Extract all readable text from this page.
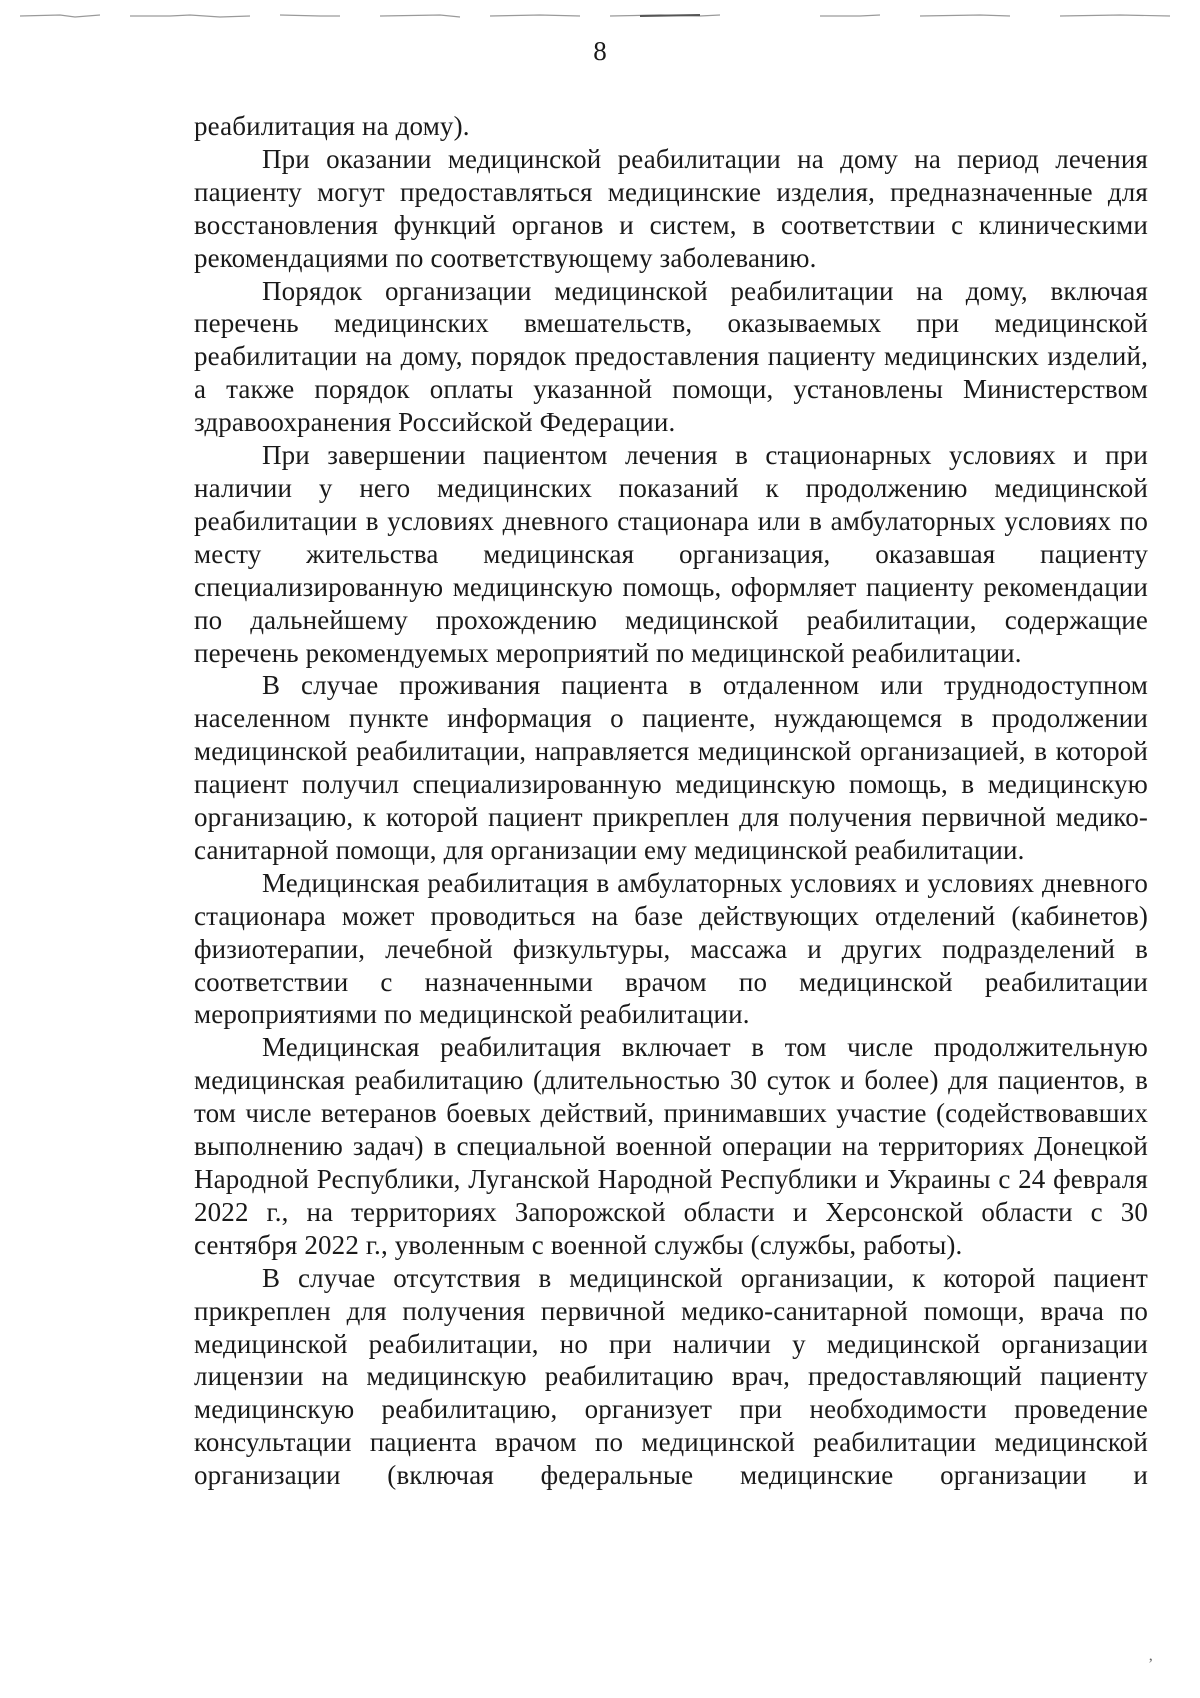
8

реабилитация на дому).

При оказании медицинской реабилитации на дому на период лечения пациенту могут предоставляться медицинские изделия, предназначенные для восстановления функций органов и систем, в соответствии с клиническими рекомендациями по соответствующему заболеванию.

Порядок организации медицинской реабилитации на дому, включая перечень медицинских вмешательств, оказываемых при медицинской реабилитации на дому, порядок предоставления пациенту медицинских изделий, а также порядок оплаты указанной помощи, установлены Министерством здравоохранения Российской Федерации.

При завершении пациентом лечения в стационарных условиях и при наличии у него медицинских показаний к продолжению медицинской реабилитации в условиях дневного стационара или в амбулаторных условиях по месту жительства медицинская организация, оказавшая пациенту специализированную медицинскую помощь, оформляет пациенту рекомендации по дальнейшему прохождению медицинской реабилитации, содержащие перечень рекомендуемых мероприятий по медицинской реабилитации.

В случае проживания пациента в отдаленном или труднодоступном населенном пункте информация о пациенте, нуждающемся в продолжении медицинской реабилитации, направляется медицинской организацией, в которой пациент получил специализированную медицинскую помощь, в медицинскую организацию, к которой пациент прикреплен для получения первичной медико-санитарной помощи, для организации ему медицинской реабилитации.

Медицинская реабилитация в амбулаторных условиях и условиях дневного стационара может проводиться на базе действующих отделений (кабинетов) физиотерапии, лечебной физкультуры, массажа и других подразделений в соответствии с назначенными врачом по медицинской реабилитации мероприятиями по медицинской реабилитации.

Медицинская реабилитация включает в том числе продолжительную медицинская реабилитацию (длительностью 30 суток и более) для пациентов, в том числе ветеранов боевых действий, принимавших участие (содействовавших выполнению задач) в специальной военной операции на территориях Донецкой Народной Республики, Луганской Народной Республики и Украины с 24 февраля 2022 г., на территориях Запорожской области и Херсонской области с 30 сентября 2022 г., уволенным с военной службы (службы, работы).

В случае отсутствия в медицинской организации, к которой пациент прикреплен для получения первичной медико-санитарной помощи, врача по медицинской реабилитации, но при наличии у медицинской организации лицензии на медицинскую реабилитацию врач, предоставляющий пациенту медицинскую реабилитацию, организует при необходимости проведение консультации пациента врачом по медицинской реабилитации медицинской организации (включая федеральные медицинские организации и

ʼ
